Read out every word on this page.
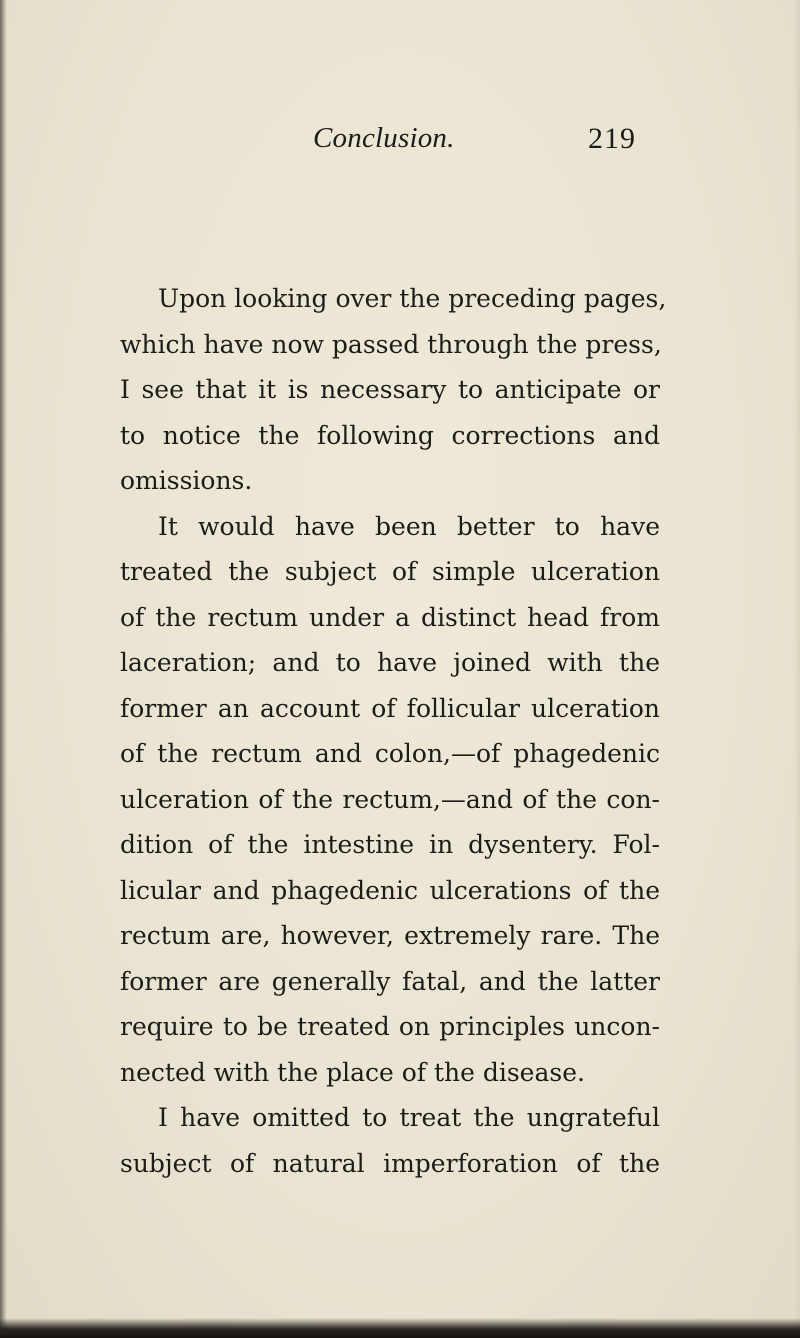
Conclusion.	219
Upon looking over the preceding pages,
which have now passed through the press,
I see that it is necessary to anticipate or
to notice the following corrections and
omissions.
It would have been better to have
treated the subject of simple ulceration
of the rectum under a distinct head from
laceration; and to have joined with the
former an account of follicular ulceration
of the rectum and colon,—of phagedenic
ulceration of the rectum,—and of the con-
dition of the intestine in dysentery. Fol-
licular and phagedenic ulcerations of the
rectum are, however, extremely rare. The
former are generally fatal, and the latter
require to be treated on principles uncon-
nected with the place of the disease.
I have omitted to treat the ungrateful
subject of natural imperforation of the
